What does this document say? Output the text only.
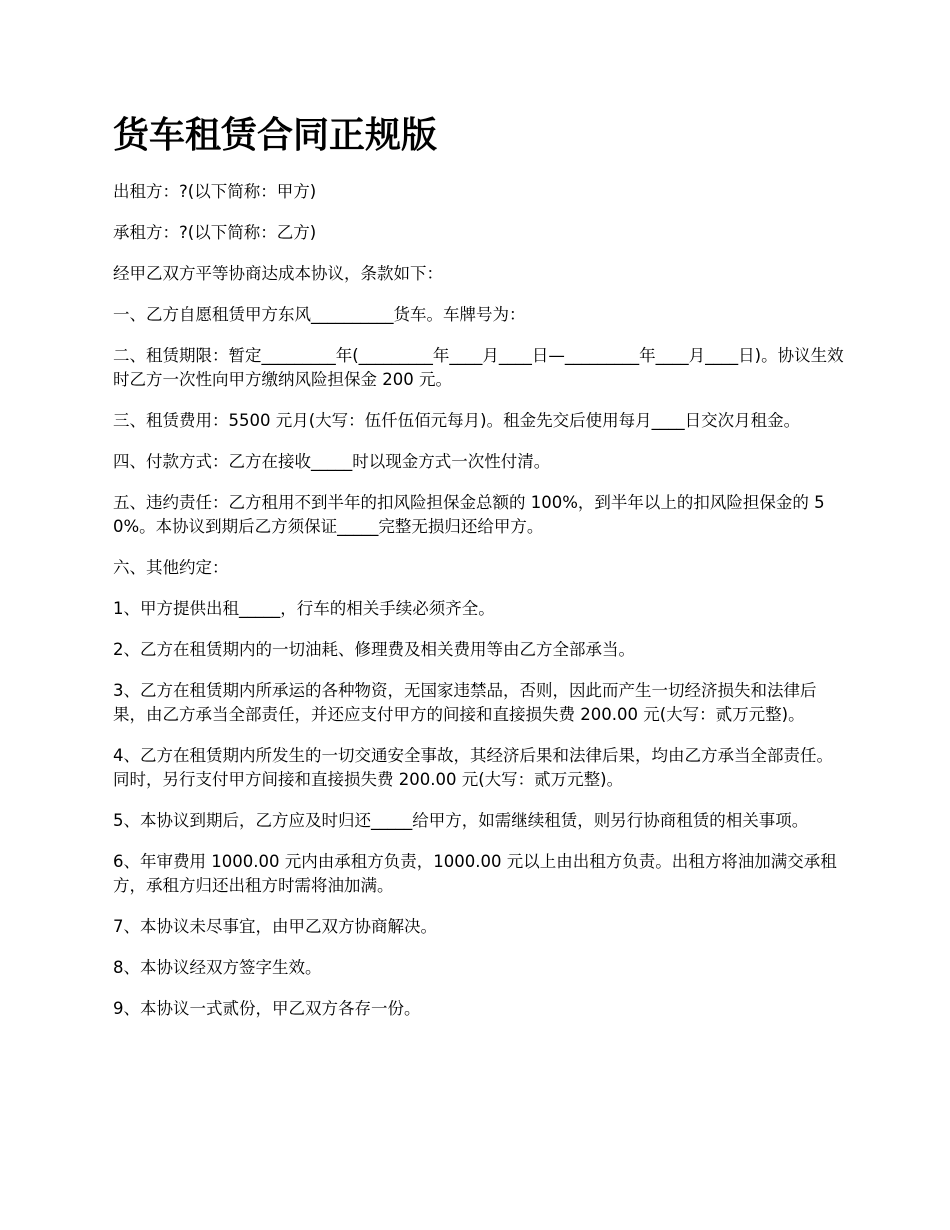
货车租赁合同正规版

出租方：?(以下简称：甲方)

承租方：?(以下简称：乙方)

经甲乙双方平等协商达成本协议，条款如下：

一、乙方自愿租赁甲方东风__________货车。车牌号为：

二、租赁期限：暂定_________年(_________年____月____日—_________年____月____日)。协议生效时乙方一次性向甲方缴纳风险担保金 200 元。

三、租赁费用：5500 元月(大写：伍仟伍佰元每月)。租金先交后使用每月____日交次月租金。

四、付款方式：乙方在接收_____时以现金方式一次性付清。

五、违约责任：乙方租用不到半年的扣风险担保金总额的 100%，到半年以上的扣风险担保金的 50%。本协议到期后乙方须保证_____完整无损归还给甲方。

六、其他约定：

1、甲方提供出租_____，行车的相关手续必须齐全。

2、乙方在租赁期内的一切油耗、修理费及相关费用等由乙方全部承当。

3、乙方在租赁期内所承运的各种物资，无国家违禁品，否则，因此而产生一切经济损失和法律后果，由乙方承当全部责任，并还应支付甲方的间接和直接损失费 200.00 元(大写：贰万元整)。

4、乙方在租赁期内所发生的一切交通安全事故，其经济后果和法律后果，均由乙方承当全部责任。同时，另行支付甲方间接和直接损失费 200.00 元(大写：贰万元整)。

5、本协议到期后，乙方应及时归还_____给甲方，如需继续租赁，则另行协商租赁的相关事项。

6、年审费用 1000.00 元内由承租方负责，1000.00 元以上由出租方负责。出租方将油加满交承租方，承租方归还出租方时需将油加满。

7、本协议未尽事宜，由甲乙双方协商解决。

8、本协议经双方签字生效。

9、本协议一式贰份，甲乙双方各存一份。
